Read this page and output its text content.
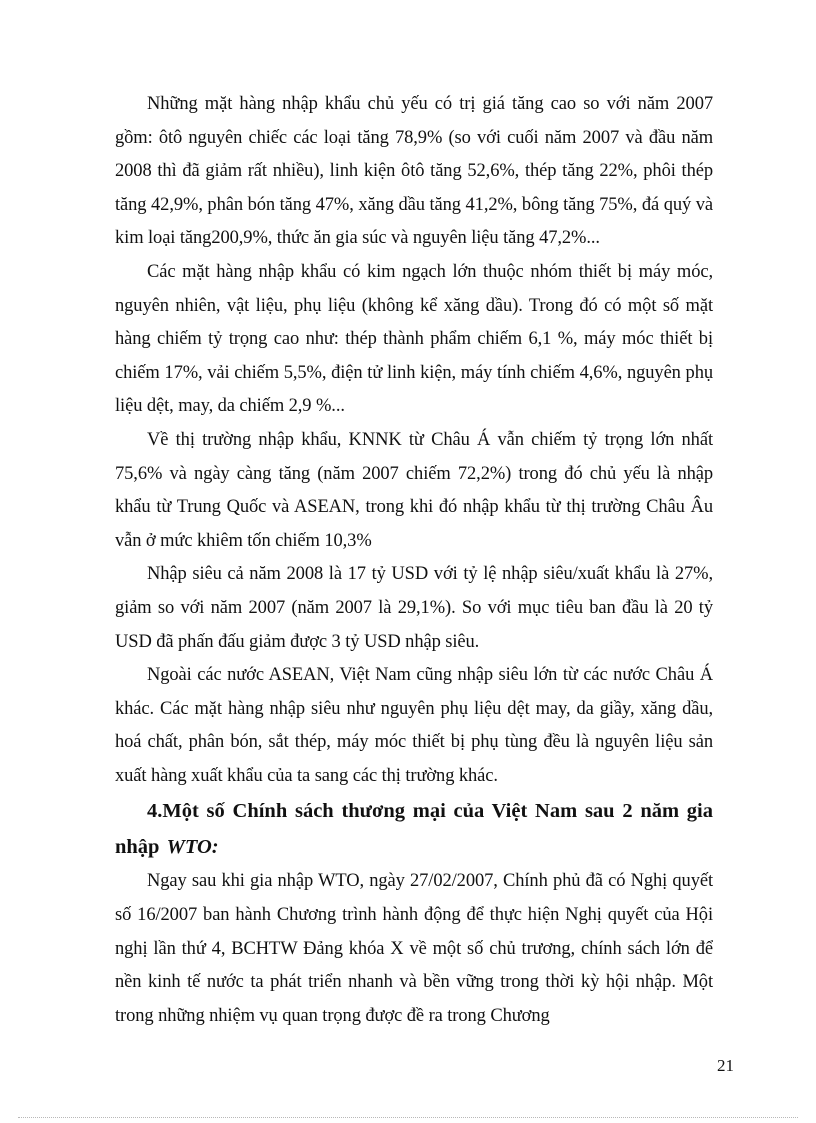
Những mặt hàng nhập khẩu chủ yếu có trị giá tăng cao so với năm 2007 gồm: ôtô nguyên chiếc các loại tăng 78,9% (so với cuối năm 2007 và đầu năm 2008 thì đã giảm rất nhiều), linh kiện ôtô tăng 52,6%, thép tăng 22%, phôi thép tăng 42,9%, phân bón tăng 47%, xăng dầu tăng 41,2%, bông tăng 75%, đá quý và kim loại tăng200,9%, thức ăn gia súc và nguyên liệu tăng 47,2%...

Các mặt hàng nhập khẩu có kim ngạch lớn thuộc nhóm thiết bị máy móc, nguyên nhiên, vật liệu, phụ liệu (không kể xăng dầu). Trong đó có một số mặt hàng chiếm tỷ trọng cao như: thép thành phẩm chiếm 6,1 %, máy móc thiết bị chiếm 17%, vải chiếm 5,5%, điện tử linh kiện, máy tính chiếm 4,6%, nguyên phụ liệu dệt, may, da chiếm 2,9 %...

Về thị trường nhập khẩu, KNNK từ Châu Á vẫn chiếm tỷ trọng lớn nhất 75,6% và ngày càng tăng (năm 2007 chiếm 72,2%) trong đó chủ yếu là nhập khẩu từ Trung Quốc và ASEAN, trong khi đó nhập khẩu từ thị trường Châu Âu vẫn ở mức khiêm tốn chiếm 10,3%

Nhập siêu cả năm 2008 là 17 tỷ USD với tỷ lệ nhập siêu/xuất khẩu là 27%, giảm so với năm 2007 (năm 2007 là 29,1%). So với mục tiêu ban đầu là 20 tỷ USD đã phấn đấu giảm được 3 tỷ USD nhập siêu.

Ngoài các nước ASEAN, Việt Nam cũng nhập siêu lớn từ các nước Châu Á khác. Các mặt hàng nhập siêu như nguyên phụ liệu dệt may, da giầy, xăng dầu, hoá chất, phân bón, sắt thép, máy móc thiết bị phụ tùng đều là nguyên liệu sản xuất hàng xuất khẩu của ta sang các thị trường khác.

4.Một số Chính sách thương mại của Việt Nam sau 2 năm gia nhập WTO:

Ngay sau khi gia nhập WTO, ngày 27/02/2007, Chính phủ đã có Nghị quyết số 16/2007 ban hành Chương trình hành động để thực hiện Nghị quyết của Hội nghị lần thứ 4, BCHTW Đảng khóa X về một số chủ trương, chính sách lớn để nền kinh tế nước ta phát triển nhanh và bền vững trong thời kỳ hội nhập. Một trong những nhiệm vụ quan trọng được đề ra trong Chương

21
